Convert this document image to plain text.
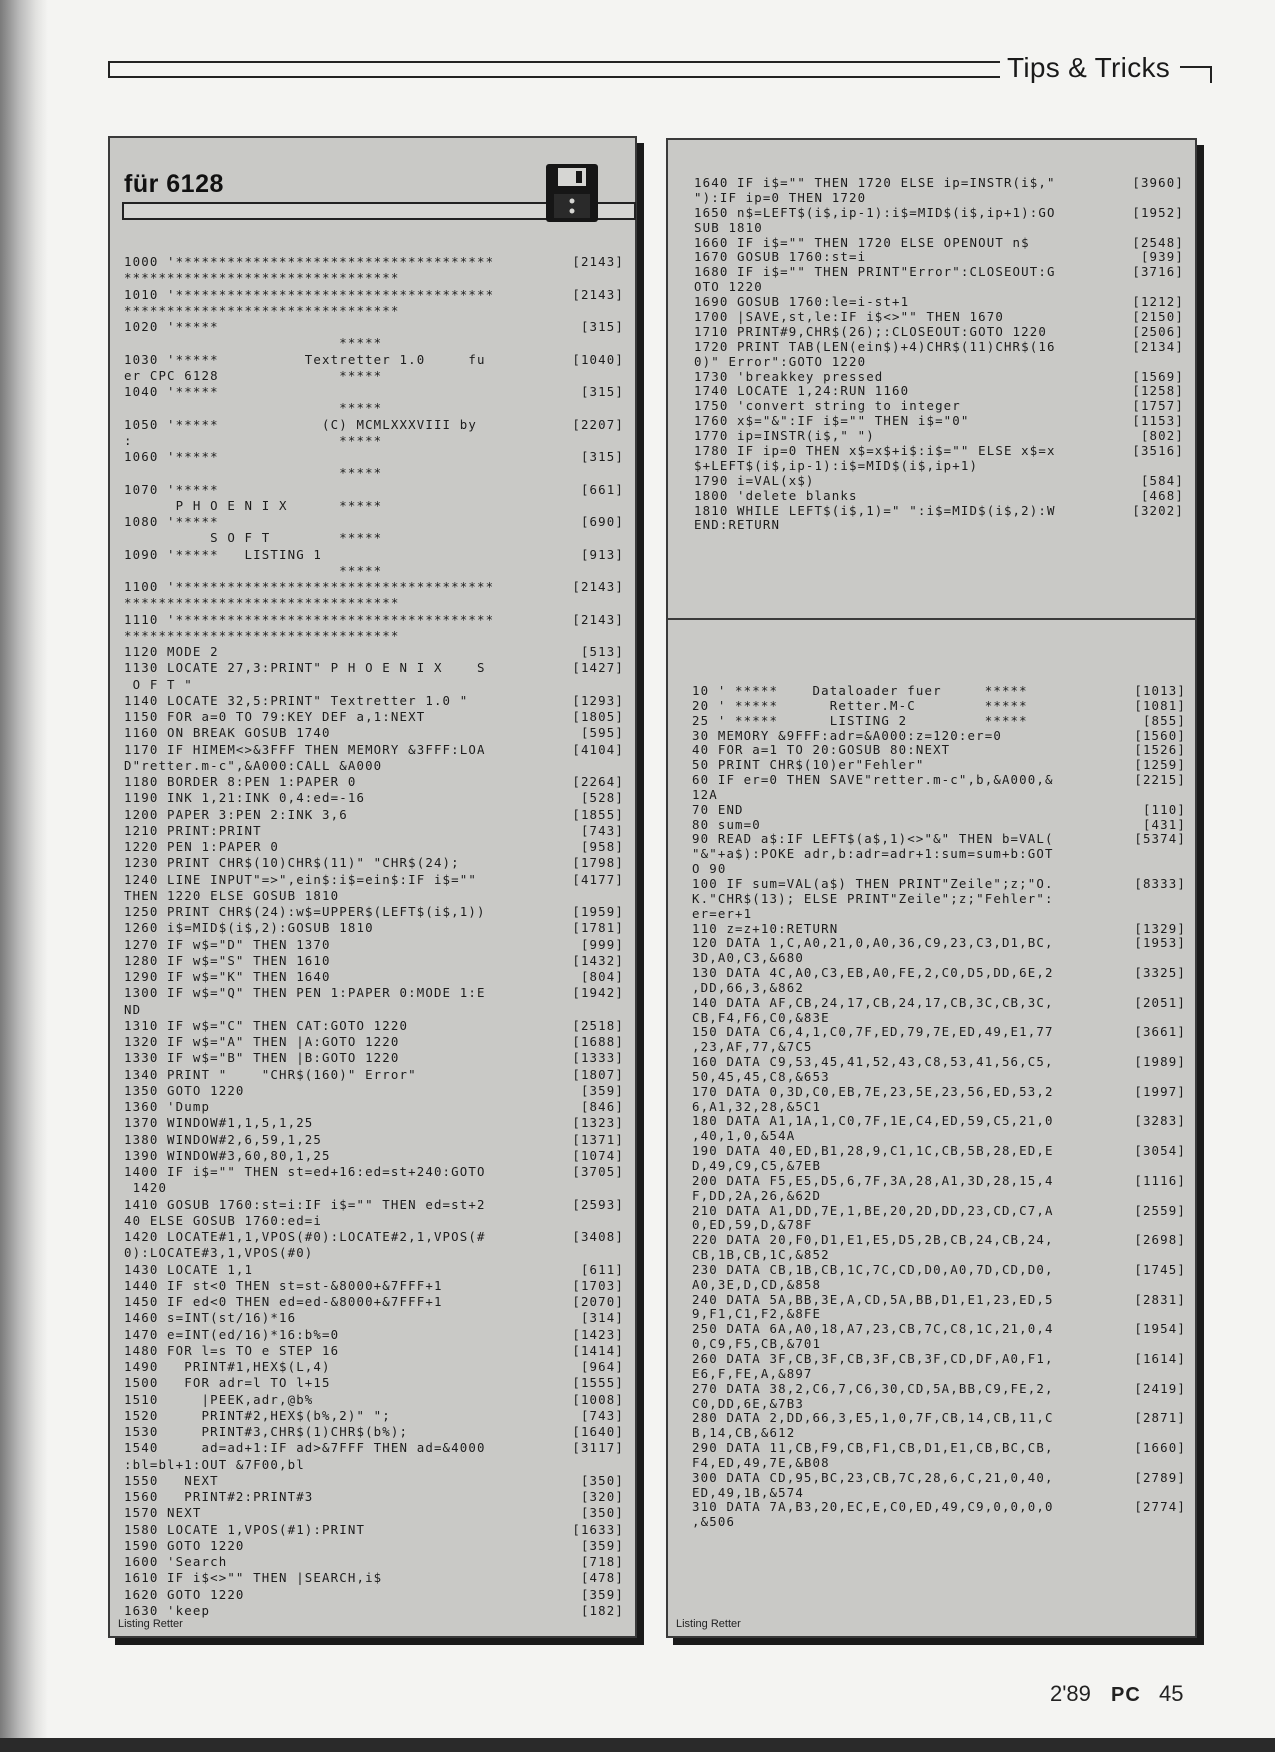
Tips & Tricks
für 6128
1000 '*************************************	[2143]
********************************
1010 '*************************************	[2143]
********************************
1020 '*****	[315]
*****
1030 '*****          Textretter 1.0     fu	[1040]
er CPC 6128              *****
1040 '*****	[315]
*****
1050 '*****            (C) MCMLXXXVIII by	[2207]
:                        *****
1060 '*****	[315]
*****
1070 '*****	[661]
P H O E N I X      *****
1080 '*****	[690]
S O F T        *****
1090 '*****   LISTING 1	[913]
*****
1100 '*************************************	[2143]
********************************
1110 '*************************************	[2143]
********************************
1120 MODE 2	[513]
1130 LOCATE 27,3:PRINT" P H O E N I X    S	[1427]
O F T "
1140 LOCATE 32,5:PRINT" Textretter 1.0 "	[1293]
1150 FOR a=0 TO 79:KEY DEF a,1:NEXT	[1805]
1160 ON BREAK GOSUB 1740	[595]
1170 IF HIMEM<>&3FFF THEN MEMORY &3FFF:LOA	[4104]
D"retter.m-c",&A000:CALL &A000
1180 BORDER 8:PEN 1:PAPER 0	[2264]
1190 INK 1,21:INK 0,4:ed=-16	[528]
1200 PAPER 3:PEN 2:INK 3,6	[1855]
1210 PRINT:PRINT	[743]
1220 PEN 1:PAPER 0	[958]
1230 PRINT CHR$(10)CHR$(11)" "CHR$(24);	[1798]
1240 LINE INPUT"=>",ein$:i$=ein$:IF i$=""	[4177]
THEN 1220 ELSE GOSUB 1810
1250 PRINT CHR$(24):w$=UPPER$(LEFT$(i$,1))	[1959]
1260 i$=MID$(i$,2):GOSUB 1810	[1781]
1270 IF w$="D" THEN 1370	[999]
1280 IF w$="S" THEN 1610	[1432]
1290 IF w$="K" THEN 1640	[804]
1300 IF w$="Q" THEN PEN 1:PAPER 0:MODE 1:E	[1942]
ND
1310 IF w$="C" THEN CAT:GOTO 1220	[2518]
1320 IF w$="A" THEN |A:GOTO 1220	[1688]
1330 IF w$="B" THEN |B:GOTO 1220	[1333]
1340 PRINT "    "CHR$(160)" Error"	[1807]
1350 GOTO 1220	[359]
1360 'Dump	[846]
1370 WINDOW#1,1,5,1,25	[1323]
1380 WINDOW#2,6,59,1,25	[1371]
1390 WINDOW#3,60,80,1,25	[1074]
1400 IF i$="" THEN st=ed+16:ed=st+240:GOTO	[3705]
1420
1410 GOSUB 1760:st=i:IF i$="" THEN ed=st+2	[2593]
40 ELSE GOSUB 1760:ed=i
1420 LOCATE#1,1,VPOS(#0):LOCATE#2,1,VPOS(#	[3408]
0):LOCATE#3,1,VPOS(#0)
1430 LOCATE 1,1	[611]
1440 IF st<0 THEN st=st-&8000+&7FFF+1	[1703]
1450 IF ed<0 THEN ed=ed-&8000+&7FFF+1	[2070]
1460 s=INT(st/16)*16	[314]
1470 e=INT(ed/16)*16:b%=0	[1423]
1480 FOR l=s TO e STEP 16	[1414]
1490   PRINT#1,HEX$(L,4)	[964]
1500   FOR adr=l TO l+15	[1555]
1510     |PEEK,adr,@b%	[1008]
1520     PRINT#2,HEX$(b%,2)" ";	[743]
1530     PRINT#3,CHR$(1)CHR$(b%);	[1640]
1540     ad=ad+1:IF ad>&7FFF THEN ad=&4000	[3117]
:bl=bl+1:OUT &7F00,bl
1550   NEXT	[350]
1560   PRINT#2:PRINT#3	[320]
1570 NEXT	[350]
1580 LOCATE 1,VPOS(#1):PRINT	[1633]
1590 GOTO 1220	[359]
1600 'Search	[718]
1610 IF i$<>"" THEN |SEARCH,i$	[478]
1620 GOTO 1220	[359]
1630 'keep	[182]
Listing Retter
1640 IF i$="" THEN 1720 ELSE ip=INSTR(i$,"	[3960]
"):IF ip=0 THEN 1720
1650 n$=LEFT$(i$,ip-1):i$=MID$(i$,ip+1):GO	[1952]
SUB 1810
1660 IF i$="" THEN 1720 ELSE OPENOUT n$	[2548]
1670 GOSUB 1760:st=i	[939]
1680 IF i$="" THEN PRINT"Error":CLOSEOUT:G	[3716]
OTO 1220
1690 GOSUB 1760:le=i-st+1	[1212]
1700 |SAVE,st,le:IF i$<>"" THEN 1670	[2150]
1710 PRINT#9,CHR$(26);:CLOSEOUT:GOTO 1220	[2506]
1720 PRINT TAB(LEN(ein$)+4)CHR$(11)CHR$(16	[2134]
0)" Error":GOTO 1220
1730 'breakkey pressed	[1569]
1740 LOCATE 1,24:RUN 1160	[1258]
1750 'convert string to integer	[1757]
1760 x$="&":IF i$="" THEN i$="0"	[1153]
1770 ip=INSTR(i$," ")	[802]
1780 IF ip=0 THEN x$=x$+i$:i$="" ELSE x$=x	[3516]
$+LEFT$(i$,ip-1):i$=MID$(i$,ip+1)
1790 i=VAL(x$)	[584]
1800 'delete blanks	[468]
1810 WHILE LEFT$(i$,1)=" ":i$=MID$(i$,2):W	[3202]
END:RETURN
10 ' *****    Dataloader fuer     *****	[1013]
20 ' *****      Retter.M-C        *****	[1081]
25 ' *****      LISTING 2         *****	[855]
30 MEMORY &9FFF:adr=&A000:z=120:er=0	[1560]
40 FOR a=1 TO 20:GOSUB 80:NEXT	[1526]
50 PRINT CHR$(10)er"Fehler"	[1259]
60 IF er=0 THEN SAVE"retter.m-c",b,&A000,&	[2215]
12A
70 END	[110]
80 sum=0	[431]
90 READ a$:IF LEFT$(a$,1)<>"&" THEN b=VAL(	[5374]
"&"+a$):POKE adr,b:adr=adr+1:sum=sum+b:GOT
O 90
100 IF sum=VAL(a$) THEN PRINT"Zeile";z;"O.	[8333]
K."CHR$(13); ELSE PRINT"Zeile";z;"Fehler":
er=er+1
110 z=z+10:RETURN	[1329]
120 DATA 1,C,A0,21,0,A0,36,C9,23,C3,D1,BC,	[1953]
3D,A0,C3,&680
130 DATA 4C,A0,C3,EB,A0,FE,2,C0,D5,DD,6E,2	[3325]
,DD,66,3,&862
140 DATA AF,CB,24,17,CB,24,17,CB,3C,CB,3C,	[2051]
CB,F4,F6,C0,&83E
150 DATA C6,4,1,C0,7F,ED,79,7E,ED,49,E1,77	[3661]
,23,AF,77,&7C5
160 DATA C9,53,45,41,52,43,C8,53,41,56,C5,	[1989]
50,45,45,C8,&653
170 DATA 0,3D,C0,EB,7E,23,5E,23,56,ED,53,2	[1997]
6,A1,32,28,&5C1
180 DATA A1,1A,1,C0,7F,1E,C4,ED,59,C5,21,0	[3283]
,40,1,0,&54A
190 DATA 40,ED,B1,28,9,C1,1C,CB,5B,28,ED,E	[3054]
D,49,C9,C5,&7EB
200 DATA F5,E5,D5,6,7F,3A,28,A1,3D,28,15,4	[1116]
F,DD,2A,26,&62D
210 DATA A1,DD,7E,1,BE,20,2D,DD,23,CD,C7,A	[2559]
0,ED,59,D,&78F
220 DATA 20,F0,D1,E1,E5,D5,2B,CB,24,CB,24,	[2698]
CB,1B,CB,1C,&852
230 DATA CB,1B,CB,1C,7C,CD,D0,A0,7D,CD,D0,	[1745]
A0,3E,D,CD,&858
240 DATA 5A,BB,3E,A,CD,5A,BB,D1,E1,23,ED,5	[2831]
9,F1,C1,F2,&8FE
250 DATA 6A,A0,18,A7,23,CB,7C,C8,1C,21,0,4	[1954]
0,C9,F5,CB,&701
260 DATA 3F,CB,3F,CB,3F,CB,3F,CD,DF,A0,F1,	[1614]
E6,F,FE,A,&897
270 DATA 38,2,C6,7,C6,30,CD,5A,BB,C9,FE,2,	[2419]
C0,DD,6E,&7B3
280 DATA 2,DD,66,3,E5,1,0,7F,CB,14,CB,11,C	[2871]
B,14,CB,&612
290 DATA 11,CB,F9,CB,F1,CB,D1,E1,CB,BC,CB,	[1660]
F4,ED,49,7E,&B08
300 DATA CD,95,BC,23,CB,7C,28,6,C,21,0,40,	[2789]
ED,49,1B,&574
310 DATA 7A,B3,20,EC,E,C0,ED,49,C9,0,0,0,0	[2774]
,&506
Listing Retter
2'89 PC 45
